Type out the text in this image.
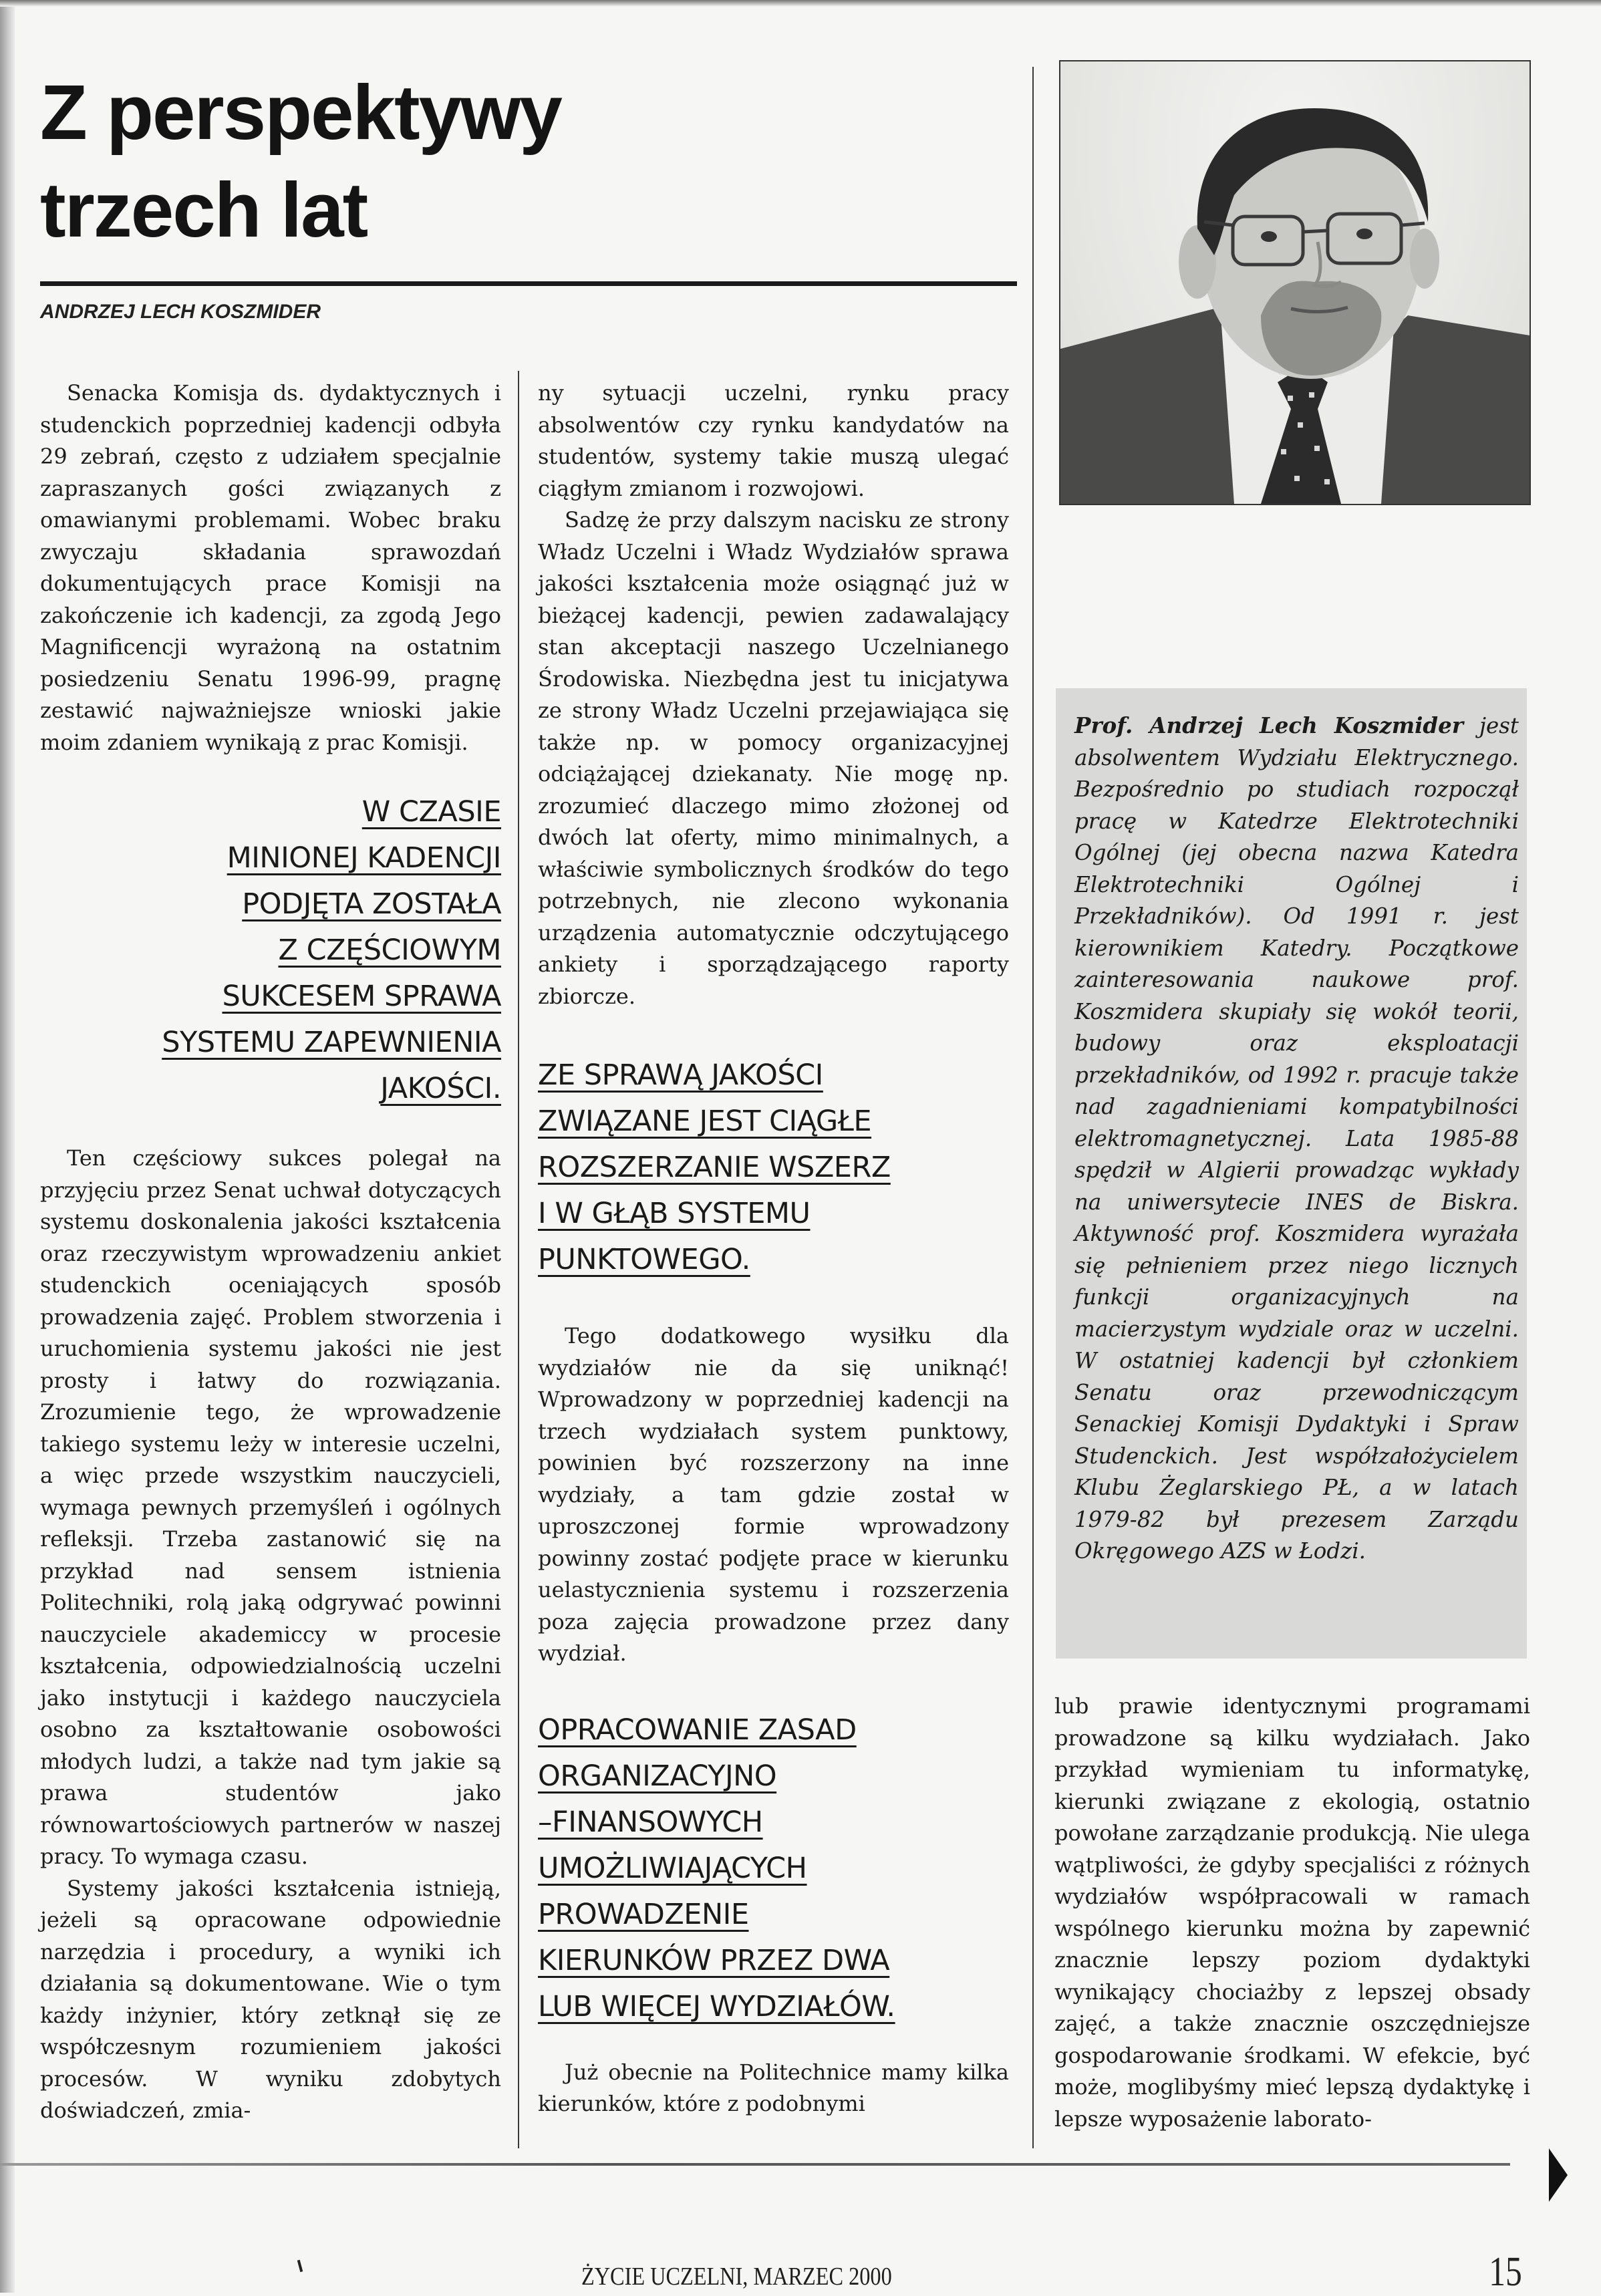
Z perspektywy
trzech lat
ANDRZEJ LECH KOSZMIDER

Senacka Komisja ds. dydaktycznych i studenckich poprzedniej kadencji odbyła 29 zebrań, często z udziałem specjalnie zapraszanych gości związanych z omawianymi problemami. Wobec braku zwyczaju składania sprawozdań dokumentujących prace Komisji na zakończenie ich kadencji, za zgodą Jego Magnificencji wyrażoną na ostatnim posiedzeniu Senatu 1996-99, pragnę zestawić najważniejsze wnioski jakie moim zdaniem wynikają z prac Komisji.

W CZASIE
MINIONEJ KADENCJI
PODJĘTA ZOSTAŁA
Z CZĘŚCIOWYM
SUKCESEM SPRAWA
SYSTEMU ZAPEWNIENIA
JAKOŚCI.

Ten częściowy sukces polegał na przyjęciu przez Senat uchwał dotyczących systemu doskonalenia jakości kształcenia oraz rzeczywistym wprowadzeniu ankiet studenckich oceniających sposób prowadzenia zajęć. Problem stworzenia i uruchomienia systemu jakości nie jest prosty i łatwy do rozwiązania. Zrozumienie tego, że wprowadzenie takiego systemu leży w interesie uczelni, a więc przede wszystkim nauczycieli, wymaga pewnych przemyśleń i ogólnych refleksji. Trzeba zastanowić się na przykład nad sensem istnienia Politechniki, rolą jaką odgrywać powinni nauczyciele akademiccy w procesie kształcenia, odpowiedzialnością uczelni jako instytucji i każdego nauczyciela osobno za kształtowanie osobowości młodych ludzi, a także nad tym jakie są prawa studentów jako równowartościowych partnerów w naszej pracy. To wymaga czasu.

Systemy jakości kształcenia istnieją, jeżeli są opracowane odpowiednie narzędzia i procedury, a wyniki ich działania są dokumentowane. Wie o tym każdy inżynier, który zetknął się ze współczesnym rozumieniem jakości procesów. W wyniku zdobytych doświadczeń, zmia-

ny sytuacji uczelni, rynku pracy absolwentów czy rynku kandydatów na studentów, systemy takie muszą ulegać ciągłym zmianom i rozwojowi.

Sadzę że przy dalszym nacisku ze strony Władz Uczelni i Władz Wydziałów sprawa jakości kształcenia może osiągnąć już w bieżącej kadencji, pewien zadawalający stan akceptacji naszego Uczelnianego Środowiska. Niezbędna jest tu inicjatywa ze strony Władz Uczelni przejawiająca się także np. w pomocy organizacyjnej odciążającej dziekanaty. Nie mogę np. zrozumieć dlaczego mimo złożonej od dwóch lat oferty, mimo minimalnych, a właściwie symbolicznych środków do tego potrzebnych, nie zlecono wykonania urządzenia automatycznie odczytującego ankiety i sporządzającego raporty zbiorcze.

ZE SPRAWĄ JAKOŚCI
ZWIĄZANE JEST CIĄGŁE
ROZSZERZANIE WSZERZ
I W GŁĄB SYSTEMU
PUNKTOWEGO.

Tego dodatkowego wysiłku dla wydziałów nie da się uniknąć! Wprowadzony w poprzedniej kadencji na trzech wydziałach system punktowy, powinien być rozszerzony na inne wydziały, a tam gdzie został w uproszczonej formie wprowadzony powinny zostać podjęte prace w kierunku uelastycznienia systemu i rozszerzenia poza zajęcia prowadzone przez dany wydział.

OPRACOWANIE ZASAD
ORGANIZACYJNO
–FINANSOWYCH
UMOŻLIWIAJĄCYCH
PROWADZENIE
KIERUNKÓW PRZEZ DWA
LUB WIĘCEJ WYDZIAŁÓW.

Już obecnie na Politechnice mamy kilka kierunków, które z podobnymi

Prof. Andrzej Lech Koszmider jest absolwentem Wydziału Elektrycznego. Bezpośrednio po studiach rozpoczął pracę w Katedrze Elektrotechniki Ogólnej (jej obecna nazwa Katedra Elektrotechniki Ogólnej i Przekładników). Od 1991 r. jest kierownikiem Katedry. Początkowe zainteresowania naukowe prof. Koszmidera skupiały się wokół teorii, budowy oraz eksploatacji przekładników, od 1992 r. pracuje także nad zagadnieniami kompatybilności elektromagnetycznej. Lata 1985-88 spędził w Algierii prowadząc wykłady na uniwersytecie INES de Biskra. Aktywność prof. Koszmidera wyrażała się pełnieniem przez niego licznych funkcji organizacyjnych na macierzystym wydziale oraz w uczelni. W ostatniej kadencji był członkiem Senatu oraz przewodniczącym Senackiej Komisji Dydaktyki i Spraw Studenckich. Jest współzałożycielem Klubu Żeglarskiego PŁ, a w latach 1979-82 był prezesem Zarządu Okręgowego AZS w Łodzi.

lub prawie identycznymi programami prowadzone są kilku wydziałach. Jako przykład wymieniam tu informatykę, kierunki związane z ekologią, ostatnio powołane zarządzanie produkcją. Nie ulega wątpliwości, że gdyby specjaliści z różnych wydziałów współpracowali w ramach wspólnego kierunku można by zapewnić znacznie lepszy poziom dydaktyki wynikający chociażby z lepszej obsady zajęć, a także znacznie oszczędniejsze gospodarowanie środkami. W efekcie, być może, moglibyśmy mieć lepszą dydaktykę i lepsze wyposażenie laborato-

ŻYCIE UCZELNI, MARZEC 2000	15
